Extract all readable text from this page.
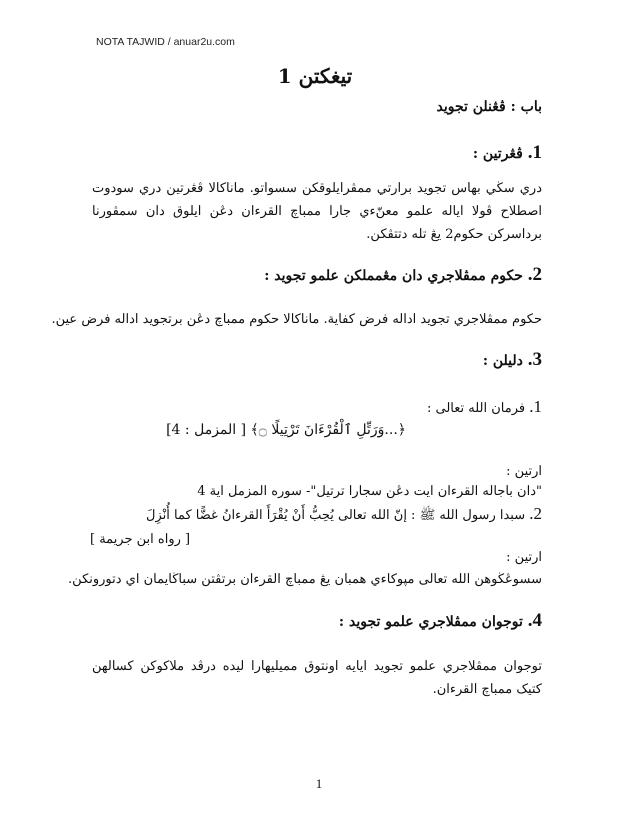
NOTA TAJWID / anuar2u.com
تيغكتن 1
باب : ڤڠنلن تجويد
1. ڤڠرتين :
دري سڬي بهاس تجويد برارتي ممڤرايلوقكن سسواتو. ماناكالا ڤڠرتين دري سودوت اصطلاح ڤولا اياله علمو معنّ‌ءي جارا ممباچ القرءان دڠن ايلوق دان سمڤورنا برداسركن حكوم2 يڠ تله دتتڤكن.
2. حكوم ممڤلاجري دان مڠمملكن علمو تجويد :
حكوم ممڤلاجري تجويد اداله فرض كفاية. ماناكالا حكوم ممباچ دڠن برتجويد اداله فرض عين.
3. دليلن :
1. فرمان الله تعالى :
﴿...وَرَتِّلِ ٱلْقُرْءَانَ تَرْتِيلًا ۝﴾ [ المزمل : 4]
ارتين :
"دان باجاله القرءان ايت دڠن سجارا ترتيل"- سوره المزمل اية 4
2. سبدا رسول الله ﷺ : إنّ الله تعالى يُحِبُّ أَنْ يُقْرَأَ القرءانُ غضًّا كما أُنْزِلَ
[ رواه ابن جريمة ]
ارتين :
سسوڠڬوهن الله تعالى مپوكاءي همبان يڠ ممباچ القرءان برتڤتن سباڬايمان اي دتورونكن.
4. توجوان ممڤلاجري علمو تجويد :
توجوان ممڤلاجري علمو تجويد ايايه اونتوق مميليهارا ليده درڤد ملاكوكن كسالهن كتيک ممباچ القرءان.
1
